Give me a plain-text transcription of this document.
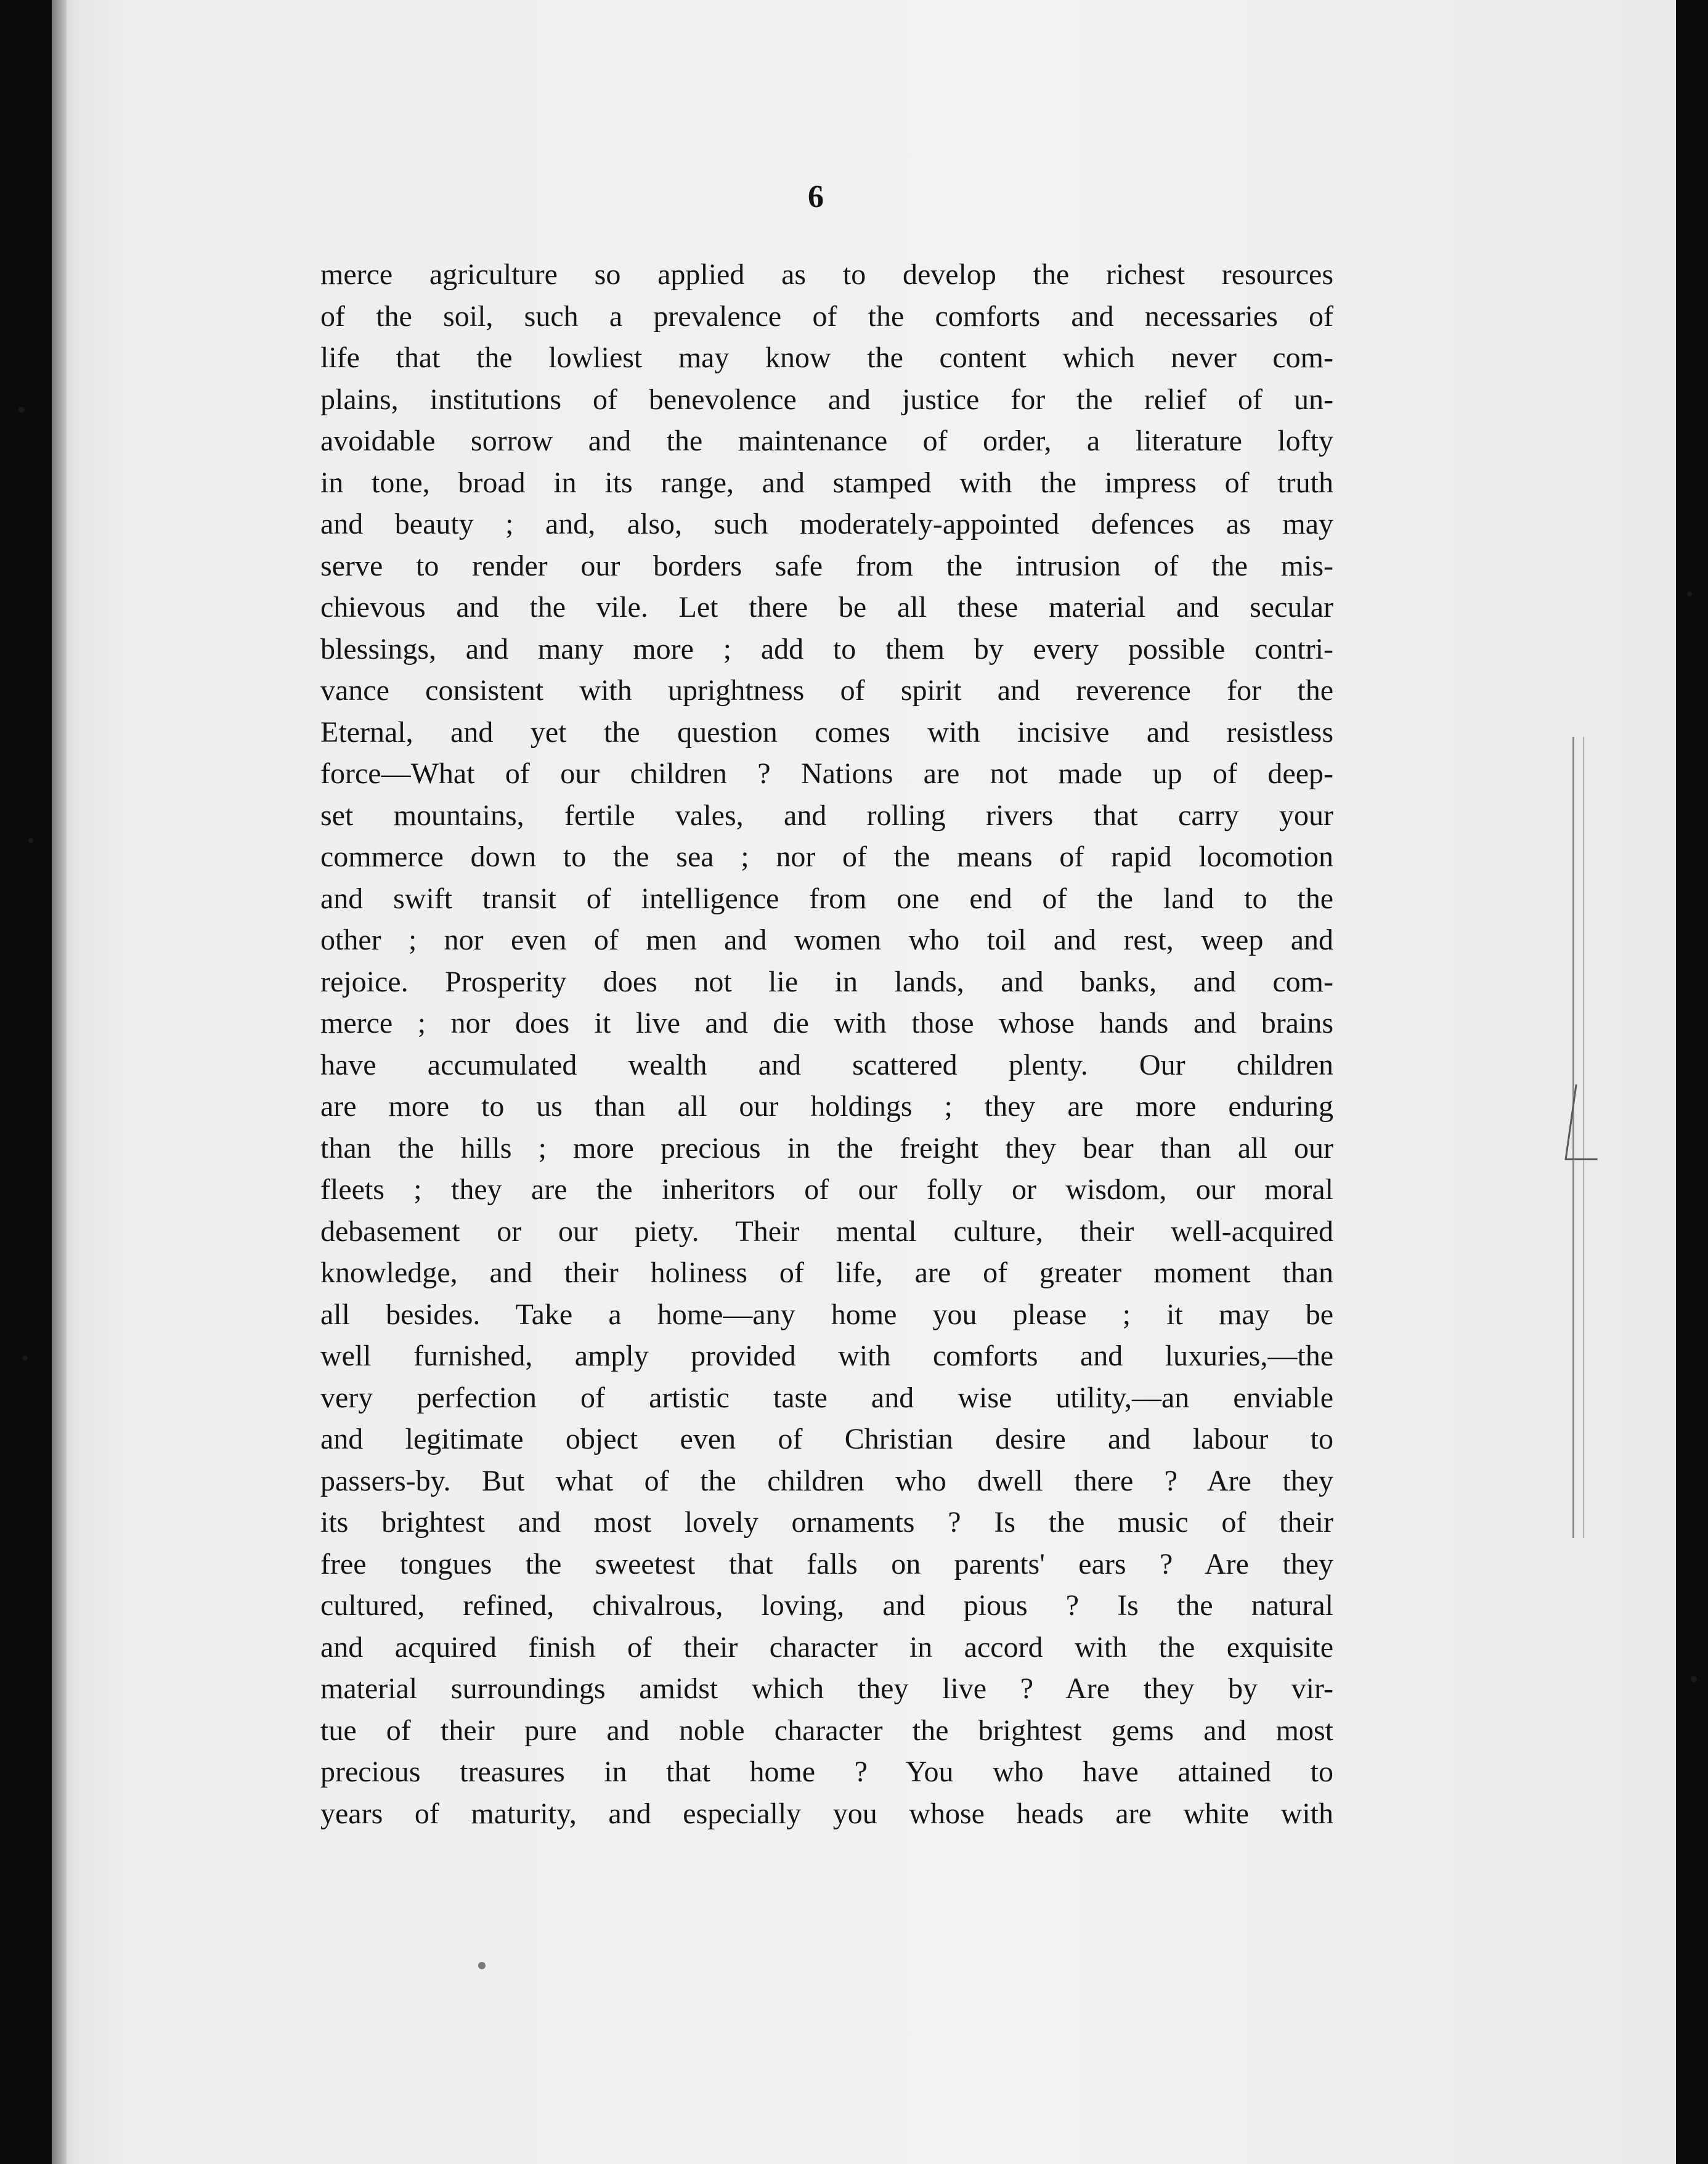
6
merce agriculture so applied as to develop the richest resources
of the soil, such a prevalence of the comforts and necessaries of
life that the lowliest may know the content which never com-
plains, institutions of benevolence and justice for the relief of un-
avoidable sorrow and the maintenance of order, a literature lofty
in tone, broad in its range, and stamped with the impress of truth
and beauty ; and, also, such moderately-appointed defences as may
serve to render our borders safe from the intrusion of the mis-
chievous and the vile. Let there be all these material and secular
blessings, and many more ; add to them by every possible contri-
vance consistent with uprightness of spirit and reverence for the
Eternal, and yet the question comes with incisive and resistless
force—What of our children ? Nations are not made up of deep-
set mountains, fertile vales, and rolling rivers that carry your
commerce down to the sea ; nor of the means of rapid locomotion
and swift transit of intelligence from one end of the land to the
other ; nor even of men and women who toil and rest, weep and
rejoice. Prosperity does not lie in lands, and banks, and com-
merce ; nor does it live and die with those whose hands and brains
have accumulated wealth and scattered plenty. Our children
are more to us than all our holdings ; they are more enduring
than the hills ; more precious in the freight they bear than all our
fleets ; they are the inheritors of our folly or wisdom, our moral
debasement or our piety. Their mental culture, their well-acquired
knowledge, and their holiness of life, are of greater moment than
all besides. Take a home—any home you please ; it may be
well furnished, amply provided with comforts and luxuries,—the
very perfection of artistic taste and wise utility,—an enviable
and legitimate object even of Christian desire and labour to
passers-by. But what of the children who dwell there ? Are they
its brightest and most lovely ornaments ? Is the music of their
free tongues the sweetest that falls on parents' ears ? Are they
cultured, refined, chivalrous, loving, and pious ? Is the natural
and acquired finish of their character in accord with the exquisite
material surroundings amidst which they live ? Are they by vir-
tue of their pure and noble character the brightest gems and most
precious treasures in that home ? You who have attained to
years of maturity, and especially you whose heads are white with
